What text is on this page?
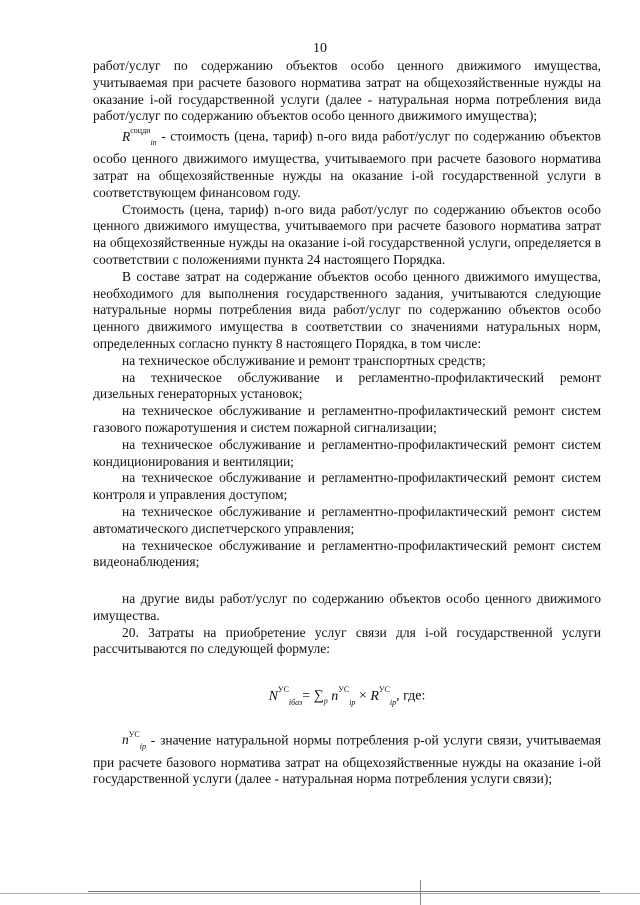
10

работ/услуг по содержанию объектов особо ценного движимого имущества, учитываемая при расчете базового норматива затрат на общехозяйственные нужды на оказание i-ой государственной услуги (далее - натуральная норма потребления вида работ/услуг по содержанию объектов особо ценного движимого имущества);

$R^{соцди}_{in}$ - стоимость (цена, тариф) n-ого вида работ/услуг по содержанию объектов особо ценного движимого имущества, учитываемого при расчете базового норматива затрат на общехозяйственные нужды на оказание i-ой государственной услуги в соответствующем финансовом году.

Стоимость (цена, тариф) n-ого вида работ/услуг по содержанию объектов особо ценного движимого имущества, учитываемого при расчете базового норматива затрат на общехозяйственные нужды на оказание i-ой государственной услуги, определяется в соответствии с положениями пункта 24 настоящего Порядка.

В составе затрат на содержание объектов особо ценного движимого имущества, необходимого для выполнения государственного задания, учитываются следующие натуральные нормы потребления вида работ/услуг по содержанию объектов особо ценного движимого имущества в соответствии со значениями натуральных норм, определенных согласно пункту 8 настоящего Порядка, в том числе:

на техническое обслуживание и ремонт транспортных средств;

на техническое обслуживание и регламентно-профилактический ремонт дизельных генераторных установок;

на техническое обслуживание и регламентно-профилактический ремонт систем газового пожаротушения и систем пожарной сигнализации;

на техническое обслуживание и регламентно-профилактический ремонт систем кондиционирования и вентиляции;

на техническое обслуживание и регламентно-профилактический ремонт систем контроля и управления доступом;

на техническое обслуживание и регламентно-профилактический ремонт систем автоматического диспетчерского управления;

на техническое обслуживание и регламентно-профилактический ремонт систем видеонаблюдения;

на другие виды работ/услуг по содержанию объектов особо ценного движимого имущества.

20. Затраты на приобретение услуг связи для i-ой государственной услуги рассчитываются по следующей формуле:

$N^{УС}_{iбаз}= \sum_p$ $n^{УС}_{ip} \times R^{УС}_{ip}$, где:

$n^{УС}_{ip}$ - значение натуральной нормы потребления p-ой услуги связи, учитываемая при расчете базового норматива затрат на общехозяйственные нужды на оказание i-ой государственной услуги (далее - натуральная норма потребления услуги связи);
